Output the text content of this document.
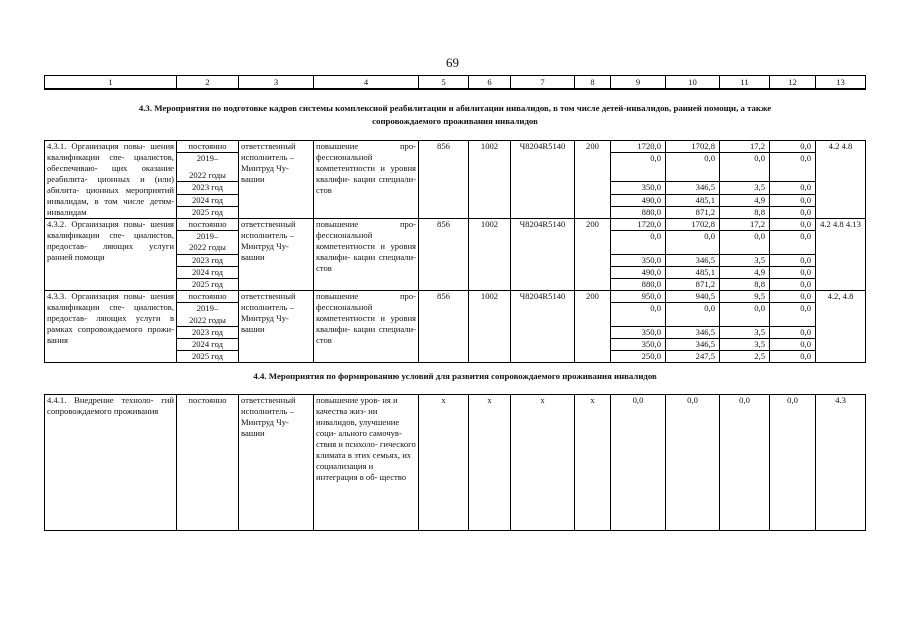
69
1	2	3	4	5	6	7	8	9	10	11	12	13
4.3. Мероприятия по подготовке кадров системы комплексной реабилитации и абилитации инвалидов, в том числе детей-инвалидов, ранней помощи, а также сопровождаемого проживания инвалидов
4.3.1. Организация повы- шения квалификации спе- циалистов, обеспечиваю- щих оказание реабилита- ционных и (или) абилита- ционных мероприятий инвалидам, в том числе детям-инвалидам	постоянно	ответственный исполнитель – Минтруд Чу- вашии	повышение про- фессиональной компетентности и уровня квалифи- кации специали- стов	856	1002	Ч8204R5140	200	1720,0	1702,8	17,2	0,0	4.2 4.8
	2019–							0,0	0,0	0,0	0,0	
	2022 годы											
	2023 год							350,0	346,5	3,5	0,0	
	2024 год							490,0	485,1	4,9	0,0	
	2025 год							880,0	871,2	8,8	0,0	
4.3.2. Организация повы- шения квалификации спе- циалистов, предостав- ляющих услуги ранней помощи	постоянно	ответственный исполнитель – Минтруд Чу- вашии	повышение про- фессиональной компетентности и уровня квалифи- кации специали- стов	856	1002	Ч8204R5140	200	1720,0	1702,8	17,2	0,0	4.2 4.8 4.13
	2019–							0,0	0,0	0,0	0,0	
	2022 годы											
	2023 год							350,0	346,5	3,5	0,0	
	2024 год							490,0	485,1	4,9	0,0	
	2025 год							880,0	871,2	8,8	0,0	
4.3.3. Организация повы- шения квалификации спе- циалистов, предостав- ляющих услуги в рамках сопровождаемого прожи- вания	постоянно	ответственный исполнитель – Минтруд Чу- вашии	повышение про- фессиональной компетентности и уровня квалифи- кации специали- стов	856	1002	Ч8204R5140	200	950,0	940,5	9,5	0,0	4.2, 4.8
	2019–							0,0	0,0	0,0	0,0	
	2022 годы											
	2023 год							350,0	346,5	3,5	0,0	
	2024 год							350,0	346,5	3,5	0,0	
	2025 год							250,0	247,5	2,5	0,0	
4.4. Мероприятия по формированию условий для развития сопровождаемого проживания инвалидов
4.4.1. Внедрение техноло- гий сопровождаемого проживания	постоянно	ответственный исполнитель – Минтруд Чу- вашии	повышение уров- ня и качества жиз- ни инвалидов, улучшение соци- ального самочув- ствия и психоло- гического климата в этих семьях, их социализация и интеграция в об- щество	x	x	x	x	0,0	0,0	0,0	0,0	4.3
